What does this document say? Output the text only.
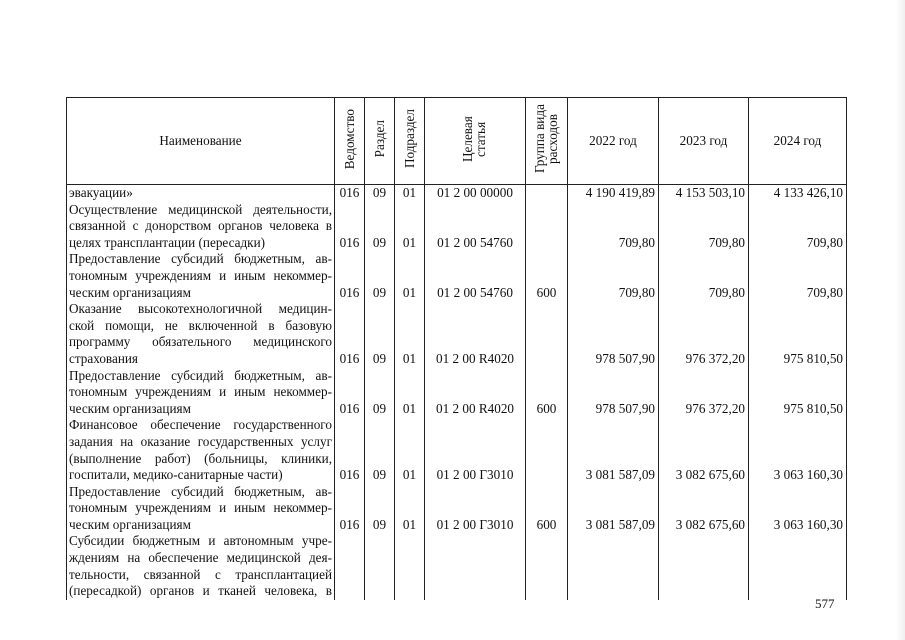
Наименование	Ведомство	Раздел	Подраздел	Целевая статья	Группа вида расходов	2022 год	2023 год	2024 год

эвакуации»	016	09	01	01 2 00 00000		4 190 419,89	4 153 503,10	4 133 426,10

Осуществление медицинской деятельности,
связанной с донорством органов человека в
целях трансплантации (пересадки)	016	09	01	01 2 00 54760		709,80	709,80	709,80

Предоставление субсидий бюджетным, ав-
тономным учреждениям и иным некоммер-
ческим организациям	016	09	01	01 2 00 54760	600	709,80	709,80	709,80

Оказание высокотехнологичной медицин-
ской помощи, не включенной в базовую
программу обязательного медицинского
страхования	016	09	01	01 2 00 R4020		978 507,90	976 372,20	975 810,50

Предоставление субсидий бюджетным, ав-
тономным учреждениям и иным некоммер-
ческим организациям	016	09	01	01 2 00 R4020	600	978 507,90	976 372,20	975 810,50

Финансовое обеспечение государственного
задания на оказание государственных услуг
(выполнение работ) (больницы, клиники,
госпитали, медико-санитарные части)	016	09	01	01 2 00 Г3010		3 081 587,09	3 082 675,60	3 063 160,30

Предоставление субсидий бюджетным, ав-
тономным учреждениям и иным некоммер-
ческим организациям	016	09	01	01 2 00 Г3010	600	3 081 587,09	3 082 675,60	3 063 160,30

Субсидии бюджетным и автономным учре-
ждениям на обеспечение медицинской дея-
тельности, связанной с трансплантацией
(пересадкой) органов и тканей человека, в								

577
